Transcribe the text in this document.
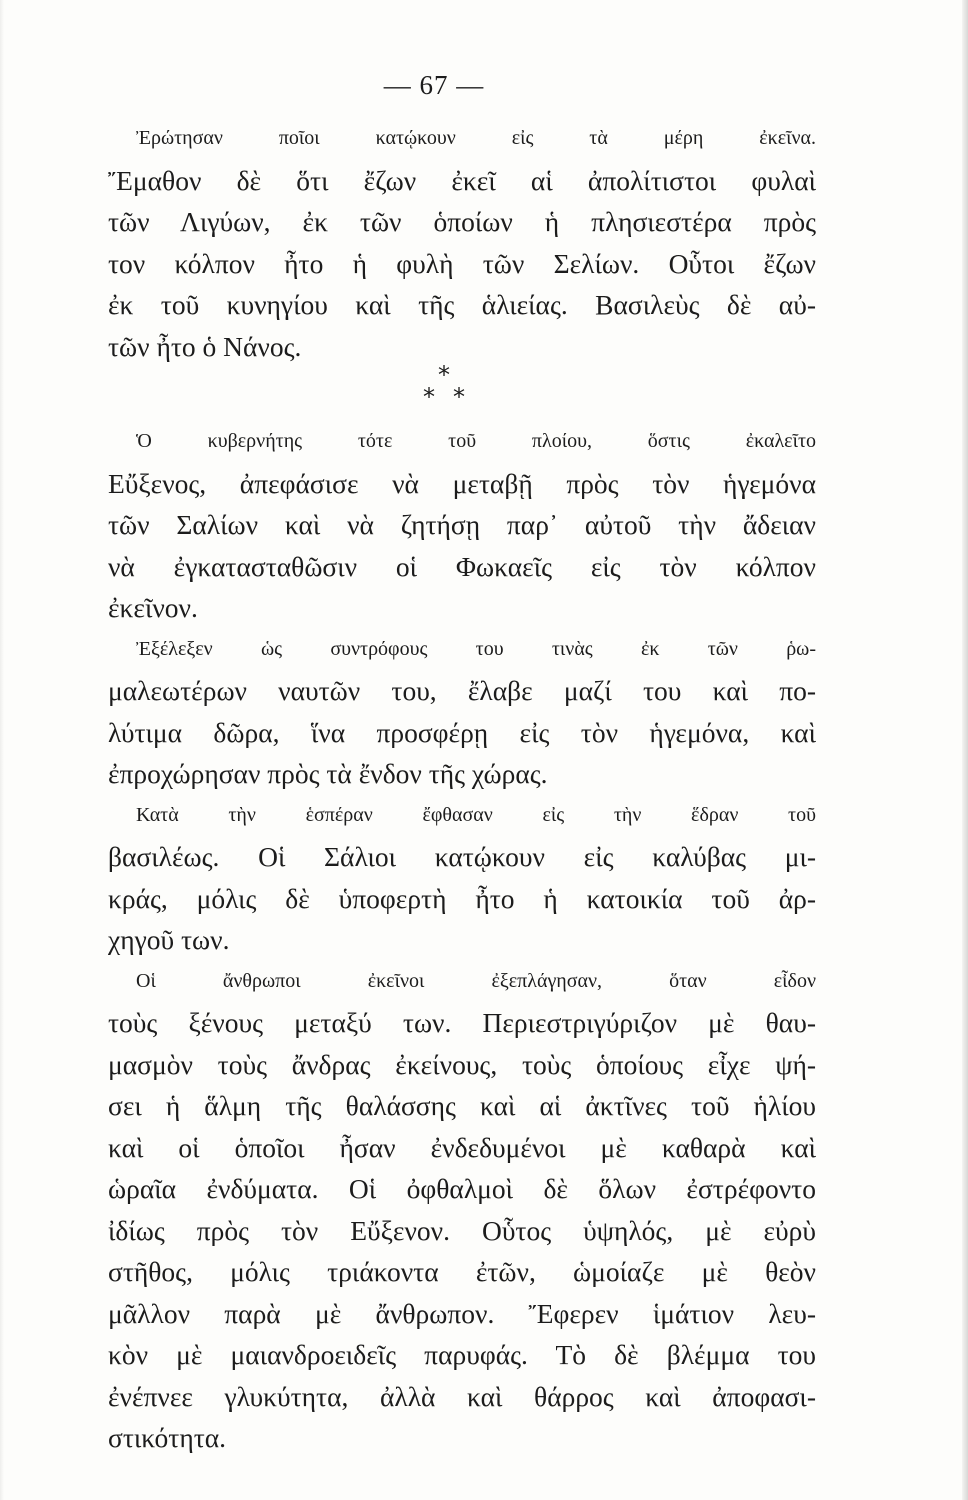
— 67 —

Ἐρώτησαν ποῖοι κατῴκουν εἰς τὰ μέρη ἐκεῖνα.
Ἔμαθον δὲ ὅτι ἔζων ἐκεῖ αἱ ἀπολίτιστοι φυλαὶ
τῶν Λιγύων, ἐκ τῶν ὁποίων ἡ πλησιεστέρα πρὸς
τον κόλπον ἦτο ἡ φυλὴ τῶν Σελίων. Οὗτοι ἔζων
ἐκ τοῦ κυνηγίου καὶ τῆς ἁλιείας. Βασιλεὺς δὲ αὐ-
τῶν ἦτο ὁ Νάνος.

*
* *

Ὁ κυβερνήτης τότε τοῦ πλοίου, ὅστις ἐκαλεῖτο
Εὔξενος, ἀπεφάσισε νὰ μεταβῇ πρὸς τὸν ἡγεμόνα
τῶν Σαλίων καὶ νὰ ζητήσῃ παρ᾽ αὐτοῦ τὴν ἄδειαν
νὰ ἐγκατασταθῶσιν οἱ Φωκαεῖς εἰς τὸν κόλπον
ἐκεῖνον.

Ἐξέλεξεν ὡς συντρόφους του τινὰς ἐκ τῶν ῥω-
μαλεωτέρων ναυτῶν του, ἔλαβε μαζί του καὶ πο-
λύτιμα δῶρα, ἵνα προσφέρῃ εἰς τὸν ἡγεμόνα, καὶ
ἐπροχώρησαν πρὸς τὰ ἔνδον τῆς χώρας.

Κατὰ τὴν ἑσπέραν ἔφθασαν εἰς τὴν ἕδραν τοῦ
βασιλέως. Οἱ Σάλιοι κατῴκουν εἰς καλύβας μι-
κράς, μόλις δὲ ὑποφερτὴ ἦτο ἡ κατοικία τοῦ ἀρ-
χηγοῦ των.

Οἱ ἄνθρωποι ἐκεῖνοι ἐξεπλάγησαν, ὅταν εἶδον
τοὺς ξένους μεταξύ των. Περιεστριγύριζον μὲ θαυ-
μασμὸν τοὺς ἄνδρας ἐκείνους, τοὺς ὁποίους εἶχε ψή-
σει ἡ ἅλμη τῆς θαλάσσης καὶ αἱ ἀκτῖνες τοῦ ἡλίου
καὶ οἱ ὁποῖοι ἦσαν ἐνδεδυμένοι μὲ καθαρὰ καὶ
ὡραῖα ἐνδύματα. Οἱ ὀφθαλμοὶ δὲ ὅλων ἐστρέφοντο
ἰδίως πρὸς τὸν Εὔξενον. Οὗτος ὑψηλός, μὲ εὐρὺ
στῆθος, μόλις τριάκοντα ἐτῶν, ὡμοίαζε μὲ θεὸν
μᾶλλον παρὰ μὲ ἄνθρωπον. Ἔφερεν ἱμάτιον λευ-
κὸν μὲ μαιανδροειδεῖς παρυφάς. Τὸ δὲ βλέμμα του
ἐνέπνεε γλυκύτητα, ἀλλὰ καὶ θάρρος καὶ ἀποφασι-
στικότητα.
